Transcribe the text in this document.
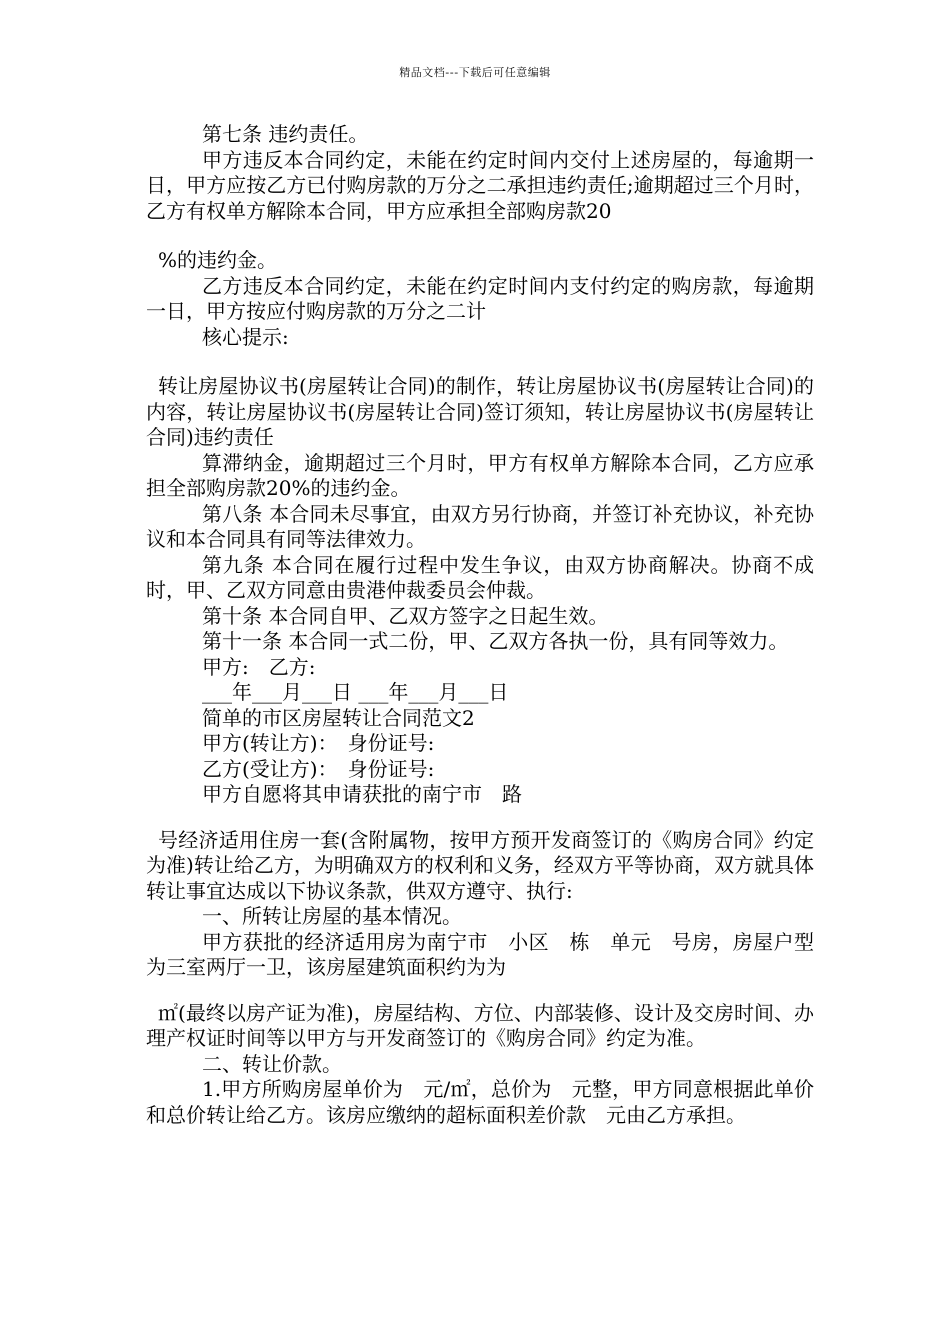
精品文档---下载后可任意编辑

第七条 违约责任。

甲方违反本合同约定，未能在约定时间内交付上述房屋的，每逾期一日，甲方应按乙方已付购房款的万分之二承担违约责任;逾期超过三个月时，乙方有权单方解除本合同，甲方应承担全部购房款20

%的违约金。

乙方违反本合同约定，未能在约定时间内支付约定的购房款，每逾期一日，甲方按应付购房款的万分之二计

核心提示:

转让房屋协议书(房屋转让合同)的制作，转让房屋协议书(房屋转让合同)的内容，转让房屋协议书(房屋转让合同)签订须知，转让房屋协议书(房屋转让合同)违约责任

算滞纳金，逾期超过三个月时，甲方有权单方解除本合同，乙方应承担全部购房款20%的违约金。

第八条 本合同未尽事宜，由双方另行协商，并签订补充协议，补充协议和本合同具有同等法律效力。

第九条 本合同在履行过程中发生争议，由双方协商解决。协商不成时，甲、乙双方同意由贵港仲裁委员会仲裁。

第十条 本合同自甲、乙双方签字之日起生效。

第十一条 本合同一式二份，甲、乙双方各执一份，具有同等效力。

甲方:　乙方:

___年___月___日 ___年___月___日

简单的市区房屋转让合同范文2

甲方(转让方)：　身份证号:

乙方(受让方)：　身份证号:

甲方自愿将其申请获批的南宁市　路

号经济适用住房一套(含附属物，按甲方预开发商签订的《购房合同》约定为准)转让给乙方，为明确双方的权利和义务，经双方平等协商，双方就具体转让事宜达成以下协议条款，供双方遵守、执行:

一、所转让房屋的基本情况。

甲方获批的经济适用房为南宁市　小区　栋　单元　号房，房屋户型为三室两厅一卫，该房屋建筑面积约为为

㎡(最终以房产证为准)，房屋结构、方位、内部装修、设计及交房时间、办理产权证时间等以甲方与开发商签订的《购房合同》约定为准。

二、转让价款。

1.甲方所购房屋单价为　元/㎡，总价为　元整，甲方同意根据此单价和总价转让给乙方。该房应缴纳的超标面积差价款　元由乙方承担。
